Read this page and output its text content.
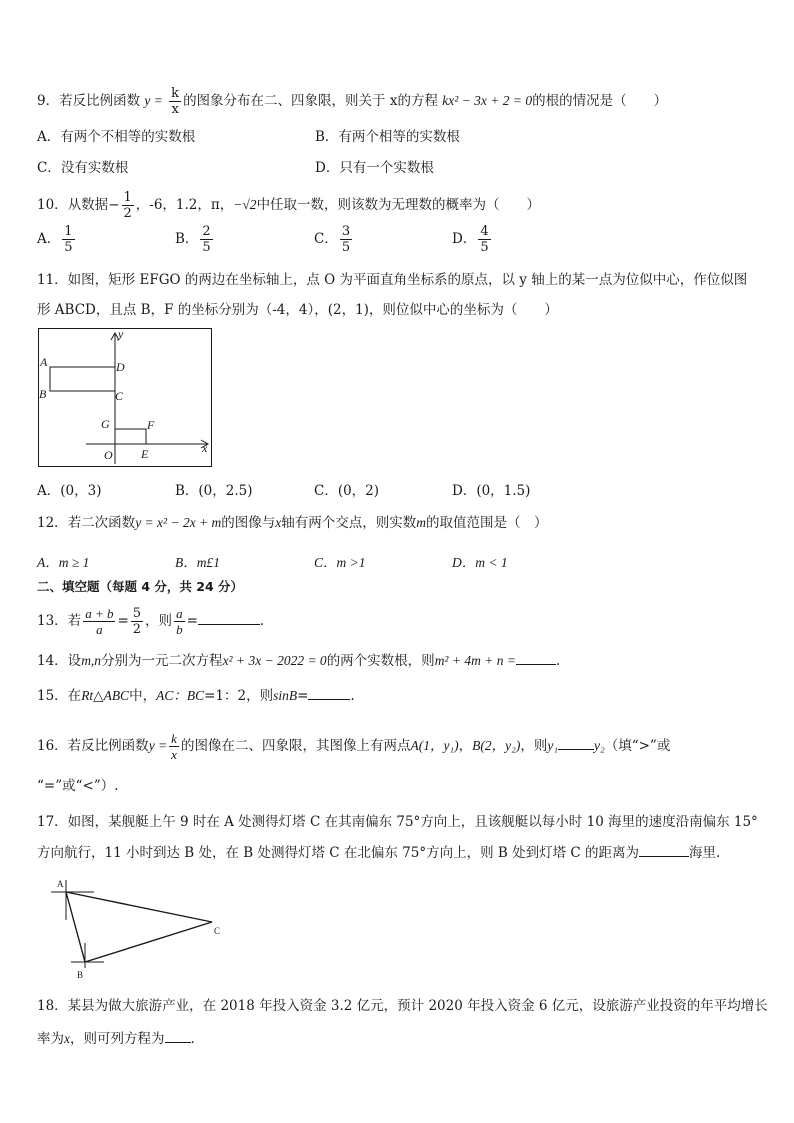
9．若反比例函数 $y = \frac{k}{x}$ 的图象分布在二、四象限，则关于 x的方程 kx² − 3x + 2 = 0的根的情况是（　　）
A．有两个不相等的实数根	B．有两个相等的实数根
C．没有实数根	D．只有一个实数根
10．从数据− $\frac{1}{2}$ ，-6，1.2，π，−√2中任取一数，则该数为无理数的概率为（　　）
A． $\frac{1}{5}$	B． $\frac{2}{5}$	C． $\frac{3}{5}$	D． $\frac{4}{5}$
11．如图，矩形 EFGO 的两边在坐标轴上，点 O 为平面直角坐标系的原点，以 y 轴上的某一点为位似中心，作位似图
形 ABCD，且点 B，F 的坐标分别为（-4，4），(2，1)，则位似中心的坐标为（　　）
A
B	C
D
G	F
O E	x
y
A．(0，3)	B．(0，2.5)	C．(0，2)	D．(0，1.5)
12．若二次函数y = x² − 2x + m的图像与x轴有两个交点，则实数m的取值范围是（　）
A．m ≥ 1	B．m£1	C．m >1	D．m < 1
二、填空题（每题 4 分，共 24 分）
13．若 $\frac{a + b}{a} = \frac{5}{2}$ ，则 $\frac{a}{b}$ =	.
14．设m,n分别为一元二次方程x² + 3x − 2022 = 0的两个实数根，则m² + 4m + n =	.
15．在Rt△ABC中，AC：BC=1：2，则sinB=	.
16．若反比例函数$y = \frac{k}{x}$ 的图像在二、四象限，其图像上有两点A(1，y₁)，B(2，y₂)，则y₁	y₂（填“>”或
“=”或“<”）.
17．如图，某舰艇上午 9 时在 A 处测得灯塔 C 在其南偏东 75°方向上，且该舰艇以每小时 10 海里的速度沿南偏东 15°
方向航行，11 小时到达 B 处，在 B 处测得灯塔 C 在北偏东 75°方向上，则 B 处到灯塔 C 的距离为	海里.
A
B
C
18．某县为做大旅游产业，在 2018 年投入资金 3.2 亿元，预计 2020 年投入资金 6 亿元，设旅游产业投资的年平均增长
率为x，则可列方程为 .
